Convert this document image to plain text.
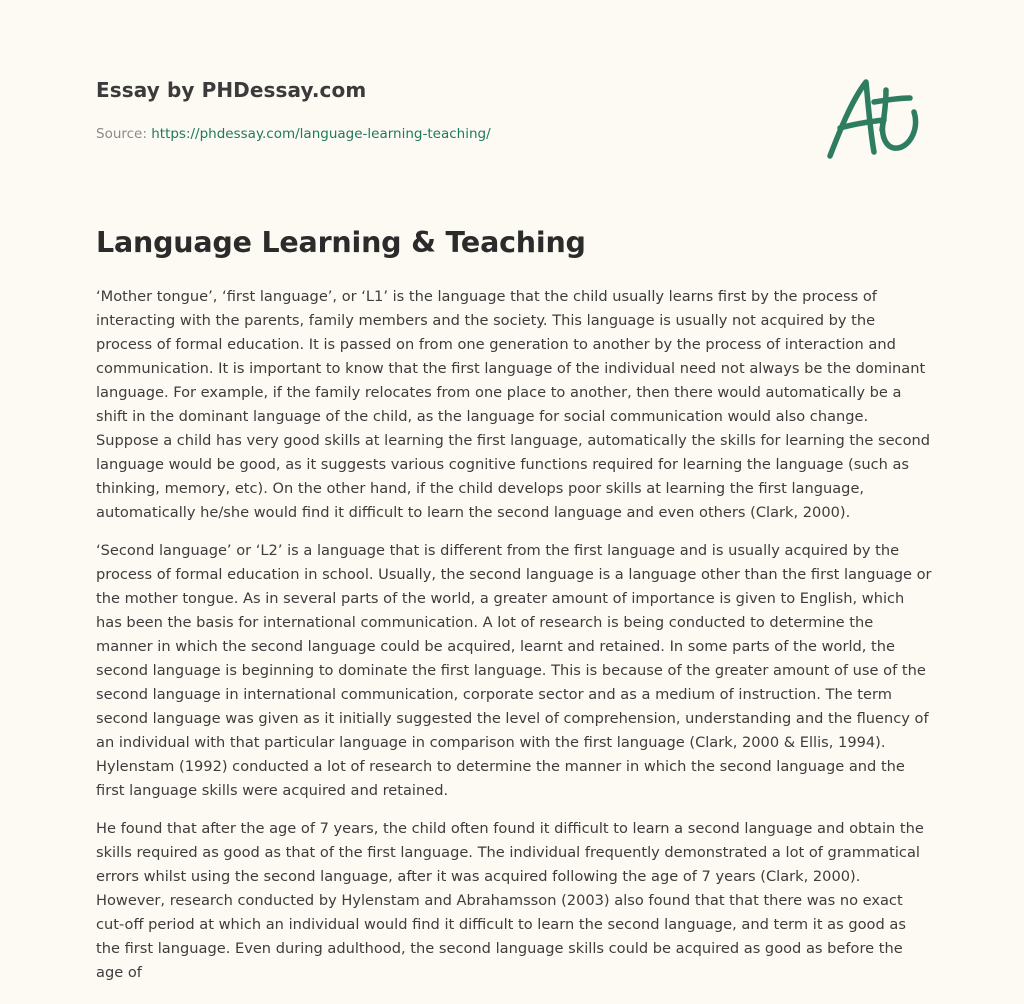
Essay by PHDessay.com
Source: https://phdessay.com/language-learning-teaching/
Language Learning & Teaching

‘Mother tongue’, ‘first language’, or ‘L1’ is the language that the child usually learns first by the process of interacting with the parents, family members and the society. This language is usually not acquired by the process of formal education. It is passed on from one generation to another by the process of interaction and communication. It is important to know that the first language of the individual need not always be the dominant language. For example, if the family relocates from one place to another, then there would automatically be a shift in the dominant language of the child, as the language for social communication would also change. Suppose a child has very good skills at learning the first language, automatically the skills for learning the second language would be good, as it suggests various cognitive functions required for learning the language (such as thinking, memory, etc). On the other hand, if the child develops poor skills at learning the first language, automatically he/she would find it difficult to learn the second language and even others (Clark, 2000).

‘Second language’ or ‘L2’ is a language that is different from the first language and is usually acquired by the process of formal education in school. Usually, the second language is a language other than the first language or the mother tongue. As in several parts of the world, a greater amount of importance is given to English, which has been the basis for international communication. A lot of research is being conducted to determine the manner in which the second language could be acquired, learnt and retained. In some parts of the world, the second language is beginning to dominate the first language. This is because of the greater amount of use of the second language in international communication, corporate sector and as a medium of instruction. The term second language was given as it initially suggested the level of comprehension, understanding and the fluency of an individual with that particular language in comparison with the first language (Clark, 2000 & Ellis, 1994). Hylenstam (1992) conducted a lot of research to determine the manner in which the second language and the first language skills were acquired and retained.

He found that after the age of 7 years, the child often found it difficult to learn a second language and obtain the skills required as good as that of the first language. The individual frequently demonstrated a lot of grammatical errors whilst using the second language, after it was acquired following the age of 7 years (Clark, 2000). However, research conducted by Hylenstam and Abrahamsson (2003) also found that that there was no exact cut-off period at which an individual would find it difficult to learn the second language, and term it as good as the first language. Even during adulthood, the second language skills could be acquired as good as before the age of
